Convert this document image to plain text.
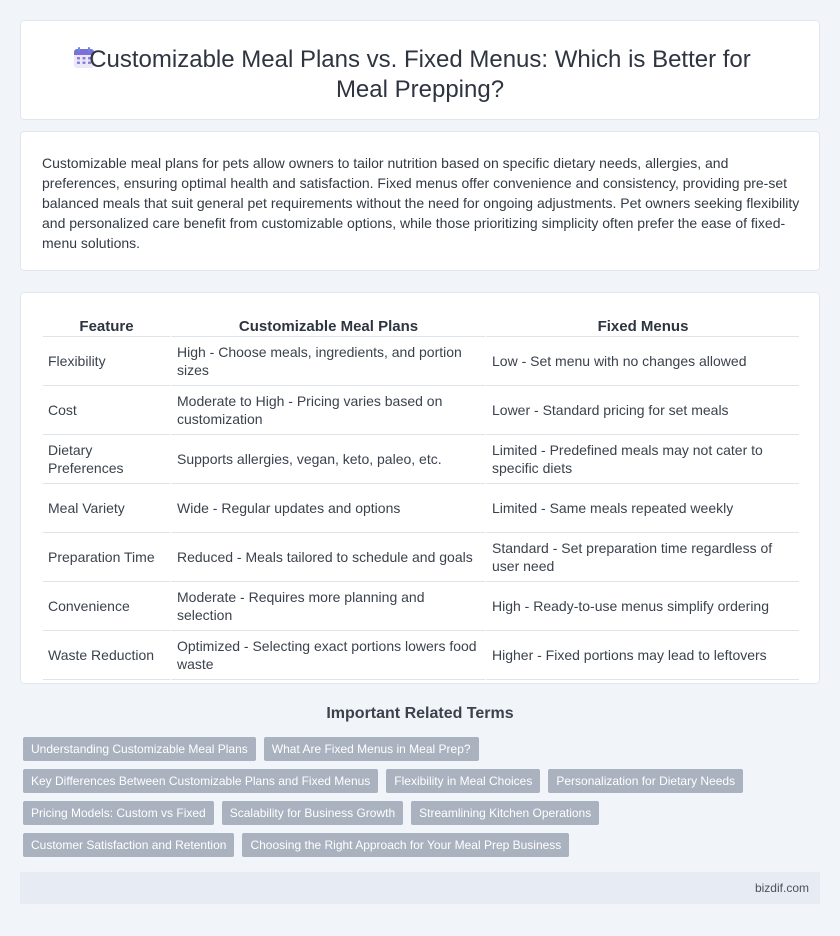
Customizable Meal Plans vs. Fixed Menus: Which is Better for Meal Prepping?

Customizable meal plans for pets allow owners to tailor nutrition based on specific dietary needs, allergies, and preferences, ensuring optimal health and satisfaction. Fixed menus offer convenience and consistency, providing pre-set balanced meals that suit general pet requirements without the need for ongoing adjustments. Pet owners seeking flexibility and personalized care benefit from customizable options, while those prioritizing simplicity often prefer the ease of fixed-menu solutions.

Feature	Customizable Meal Plans	Fixed Menus
Flexibility	High - Choose meals, ingredients, and portion sizes	Low - Set menu with no changes allowed
Cost	Moderate to High - Pricing varies based on customization	Lower - Standard pricing for set meals
Dietary Preferences	Supports allergies, vegan, keto, paleo, etc.	Limited - Predefined meals may not cater to specific diets
Meal Variety	Wide - Regular updates and options	Limited - Same meals repeated weekly
Preparation Time	Reduced - Meals tailored to schedule and goals	Standard - Set preparation time regardless of user need
Convenience	Moderate - Requires more planning and selection	High - Ready-to-use menus simplify ordering
Waste Reduction	Optimized - Selecting exact portions lowers food waste	Higher - Fixed portions may lead to leftovers
Important Related Terms
Understanding Customizable Meal Plans	What Are Fixed Menus in Meal Prep?
Key Differences Between Customizable Plans and Fixed Menus	Flexibility in Meal Choices	Personalization for Dietary Needs
Pricing Models: Custom vs Fixed	Scalability for Business Growth	Streamlining Kitchen Operations
Customer Satisfaction and Retention	Choosing the Right Approach for Your Meal Prep Business
bizdif.com
